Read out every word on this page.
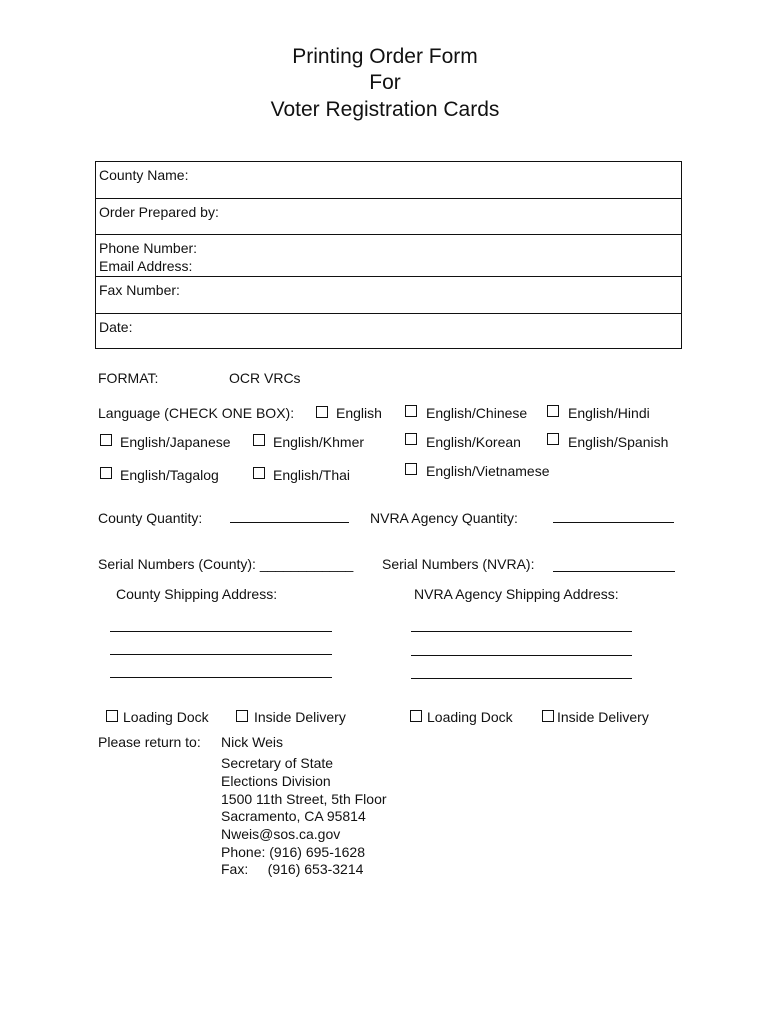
Printing Order Form
For
Voter Registration Cards
County Name:
Order Prepared by:
Phone Number:
Email Address:
Fax Number:
Date:
FORMAT:	OCR VRCs
Language (CHECK ONE BOX):	English	English/Chinese	English/Hindi
English/Japanese	English/Khmer	English/Korean	English/Spanish
English/Tagalog	English/Thai	English/Vietnamese
County Quantity:	NVRA Agency Quantity:
Serial Numbers (County): ____________ Serial Numbers (NVRA):
County Shipping Address:	NVRA Agency Shipping Address:
Loading Dock	Inside Delivery	Loading Dock	Inside Delivery
Please return to: Nick Weis
Secretary of State
Elections Division
1500 11th Street, 5th Floor
Sacramento, CA 95814
Nweis@sos.ca.gov
Phone: (916) 695-1628
Fax:     (916) 653-3214
